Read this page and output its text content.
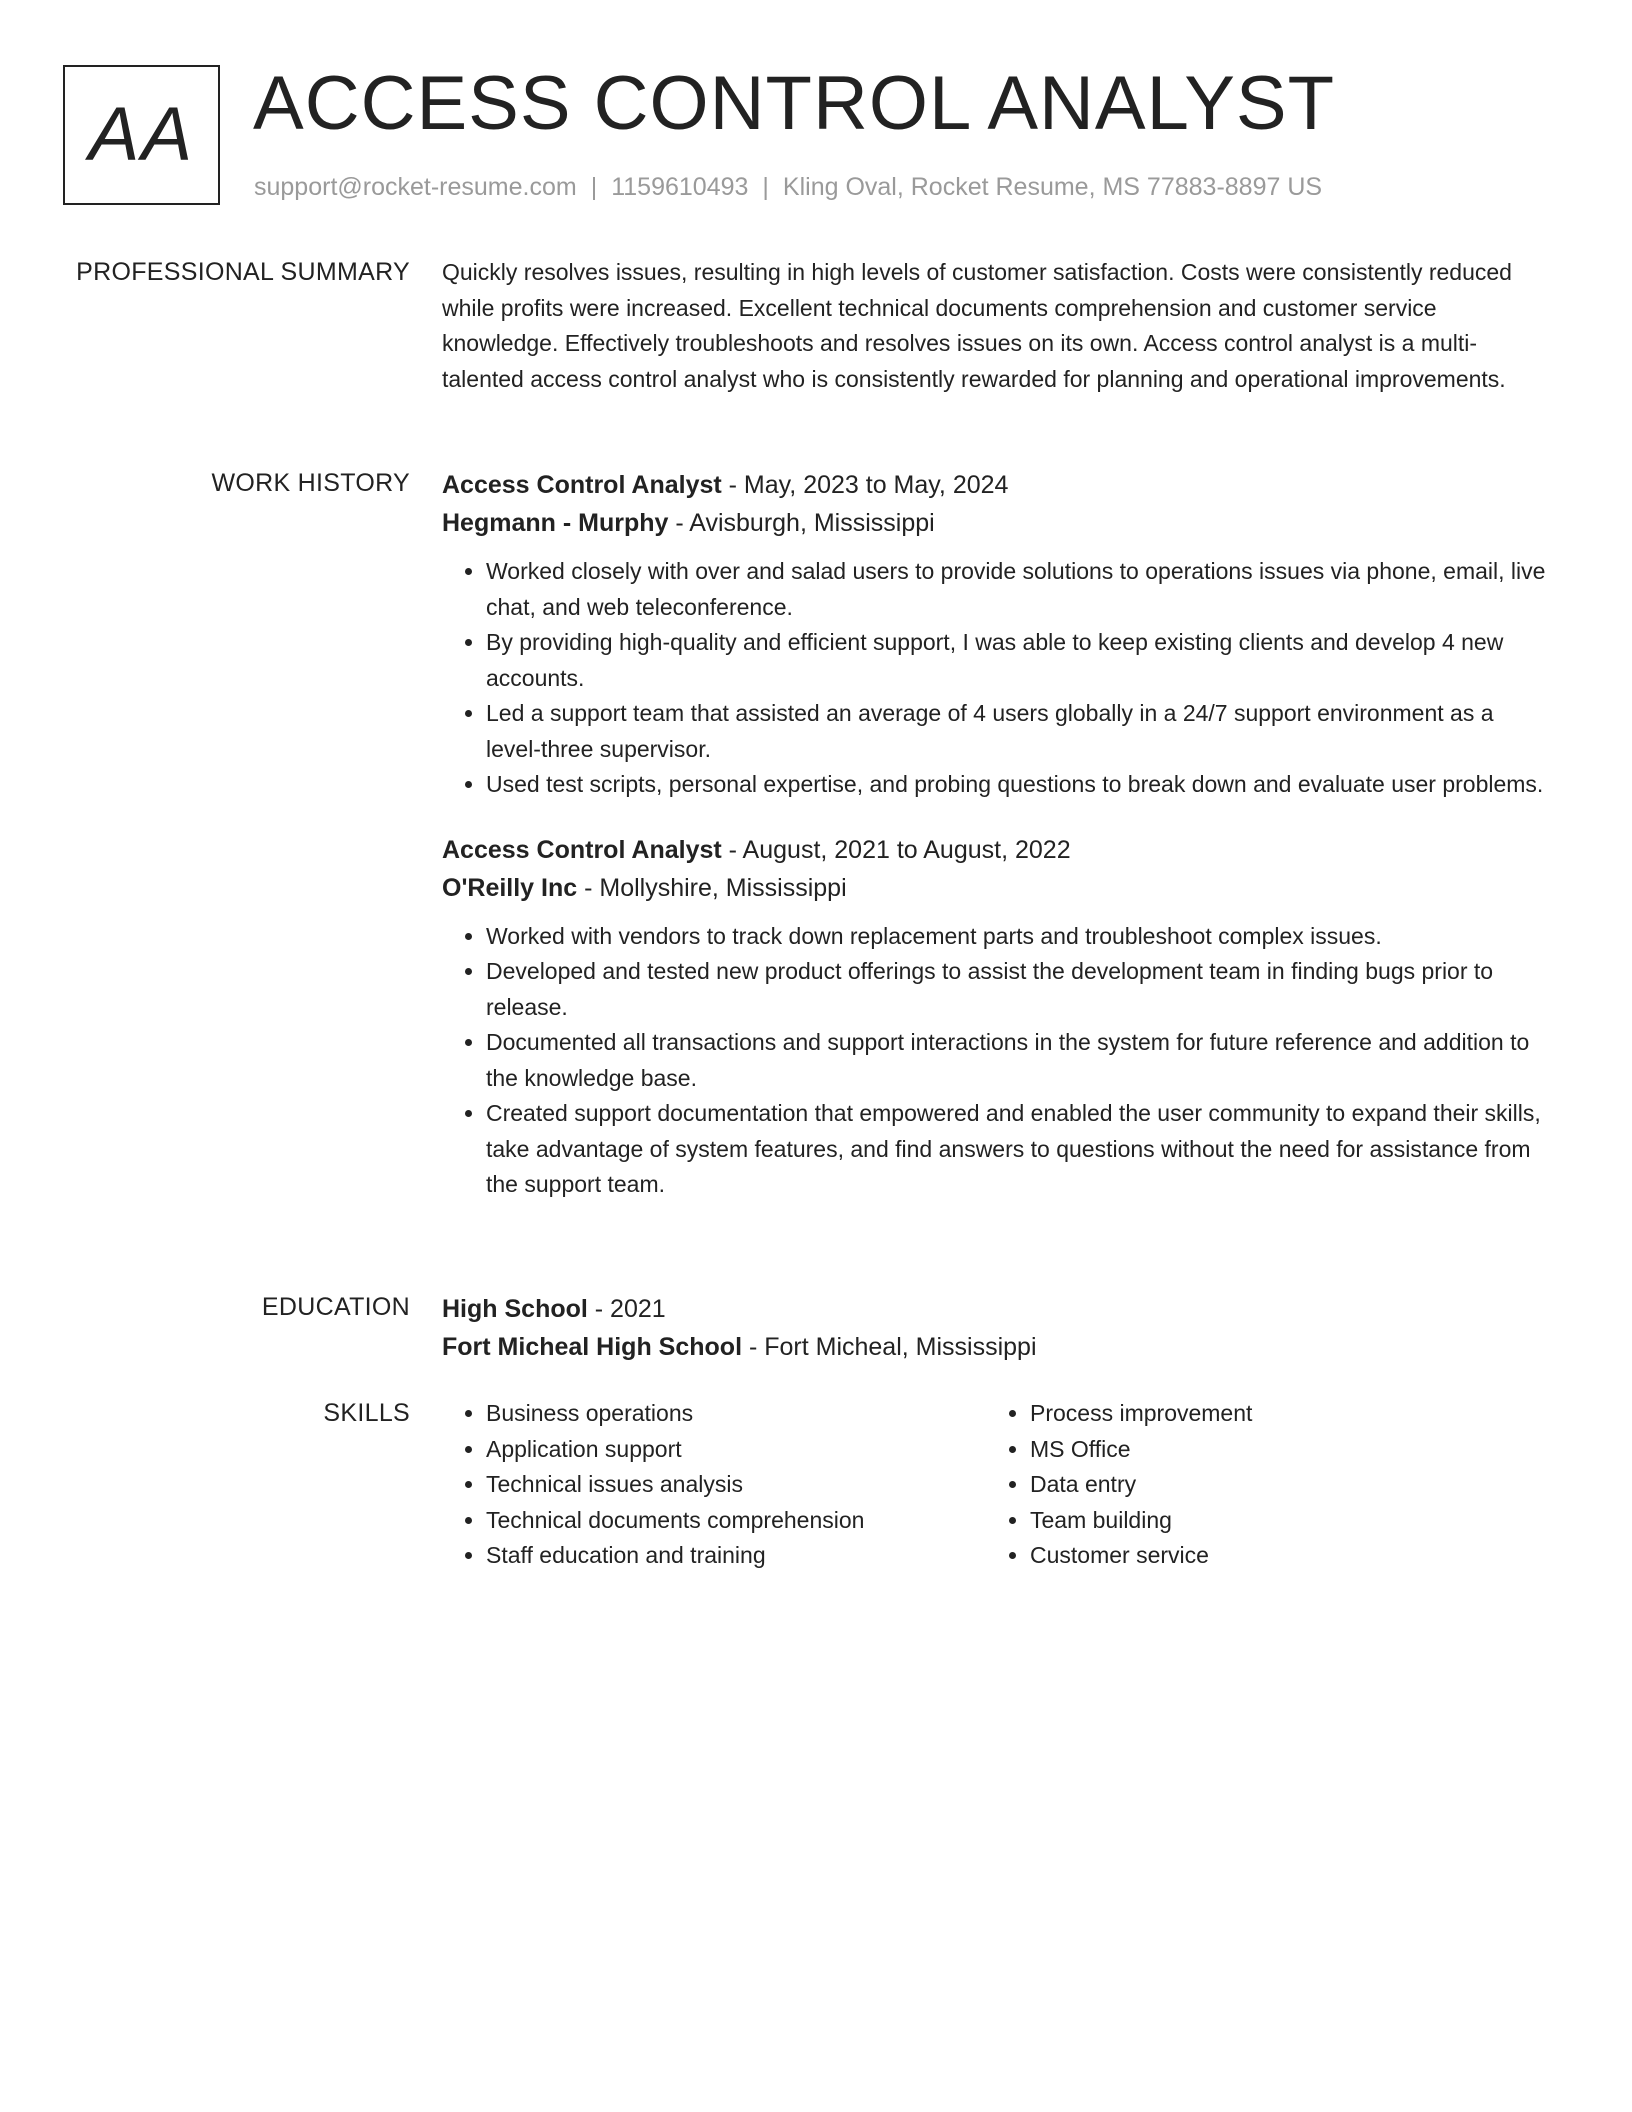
AA ACCESS CONTROL ANALYST
support@rocket-resume.com | 1159610493 | Kling Oval, Rocket Resume, MS 77883-8897 US
PROFESSIONAL SUMMARY Quickly resolves issues, resulting in high levels of customer satisfaction. Costs were consistently reduced while profits were increased. Excellent technical documents comprehension and customer service knowledge. Effectively troubleshoots and resolves issues on its own. Access control analyst is a multi-talented access control analyst who is consistently rewarded for planning and operational improvements.

WORK HISTORY Access Control Analyst - May, 2023 to May, 2024
Hegmann - Murphy - Avisburgh, Mississippi
• Worked closely with over and salad users to provide solutions to operations issues via phone, email, live chat, and web teleconference.
• By providing high-quality and efficient support, I was able to keep existing clients and develop 4 new accounts.
• Led a support team that assisted an average of 4 users globally in a 24/7 support environment as a level-three supervisor.
• Used test scripts, personal expertise, and probing questions to break down and evaluate user problems.
Access Control Analyst - August, 2021 to August, 2022
O'Reilly Inc - Mollyshire, Mississippi
• Worked with vendors to track down replacement parts and troubleshoot complex issues.
• Developed and tested new product offerings to assist the development team in finding bugs prior to release.
• Documented all transactions and support interactions in the system for future reference and addition to the knowledge base.
• Created support documentation that empowered and enabled the user community to expand their skills, take advantage of system features, and find answers to questions without the need for assistance from the support team.
EDUCATION High School - 2021
Fort Micheal High School - Fort Micheal, Mississippi
SKILLS
•	Business operations
• Application support
• Technical issues analysis
• Technical documents comprehension
• Staff education and training
• Process improvement
• MS Office
• Data entry
• Team building
• Customer service
